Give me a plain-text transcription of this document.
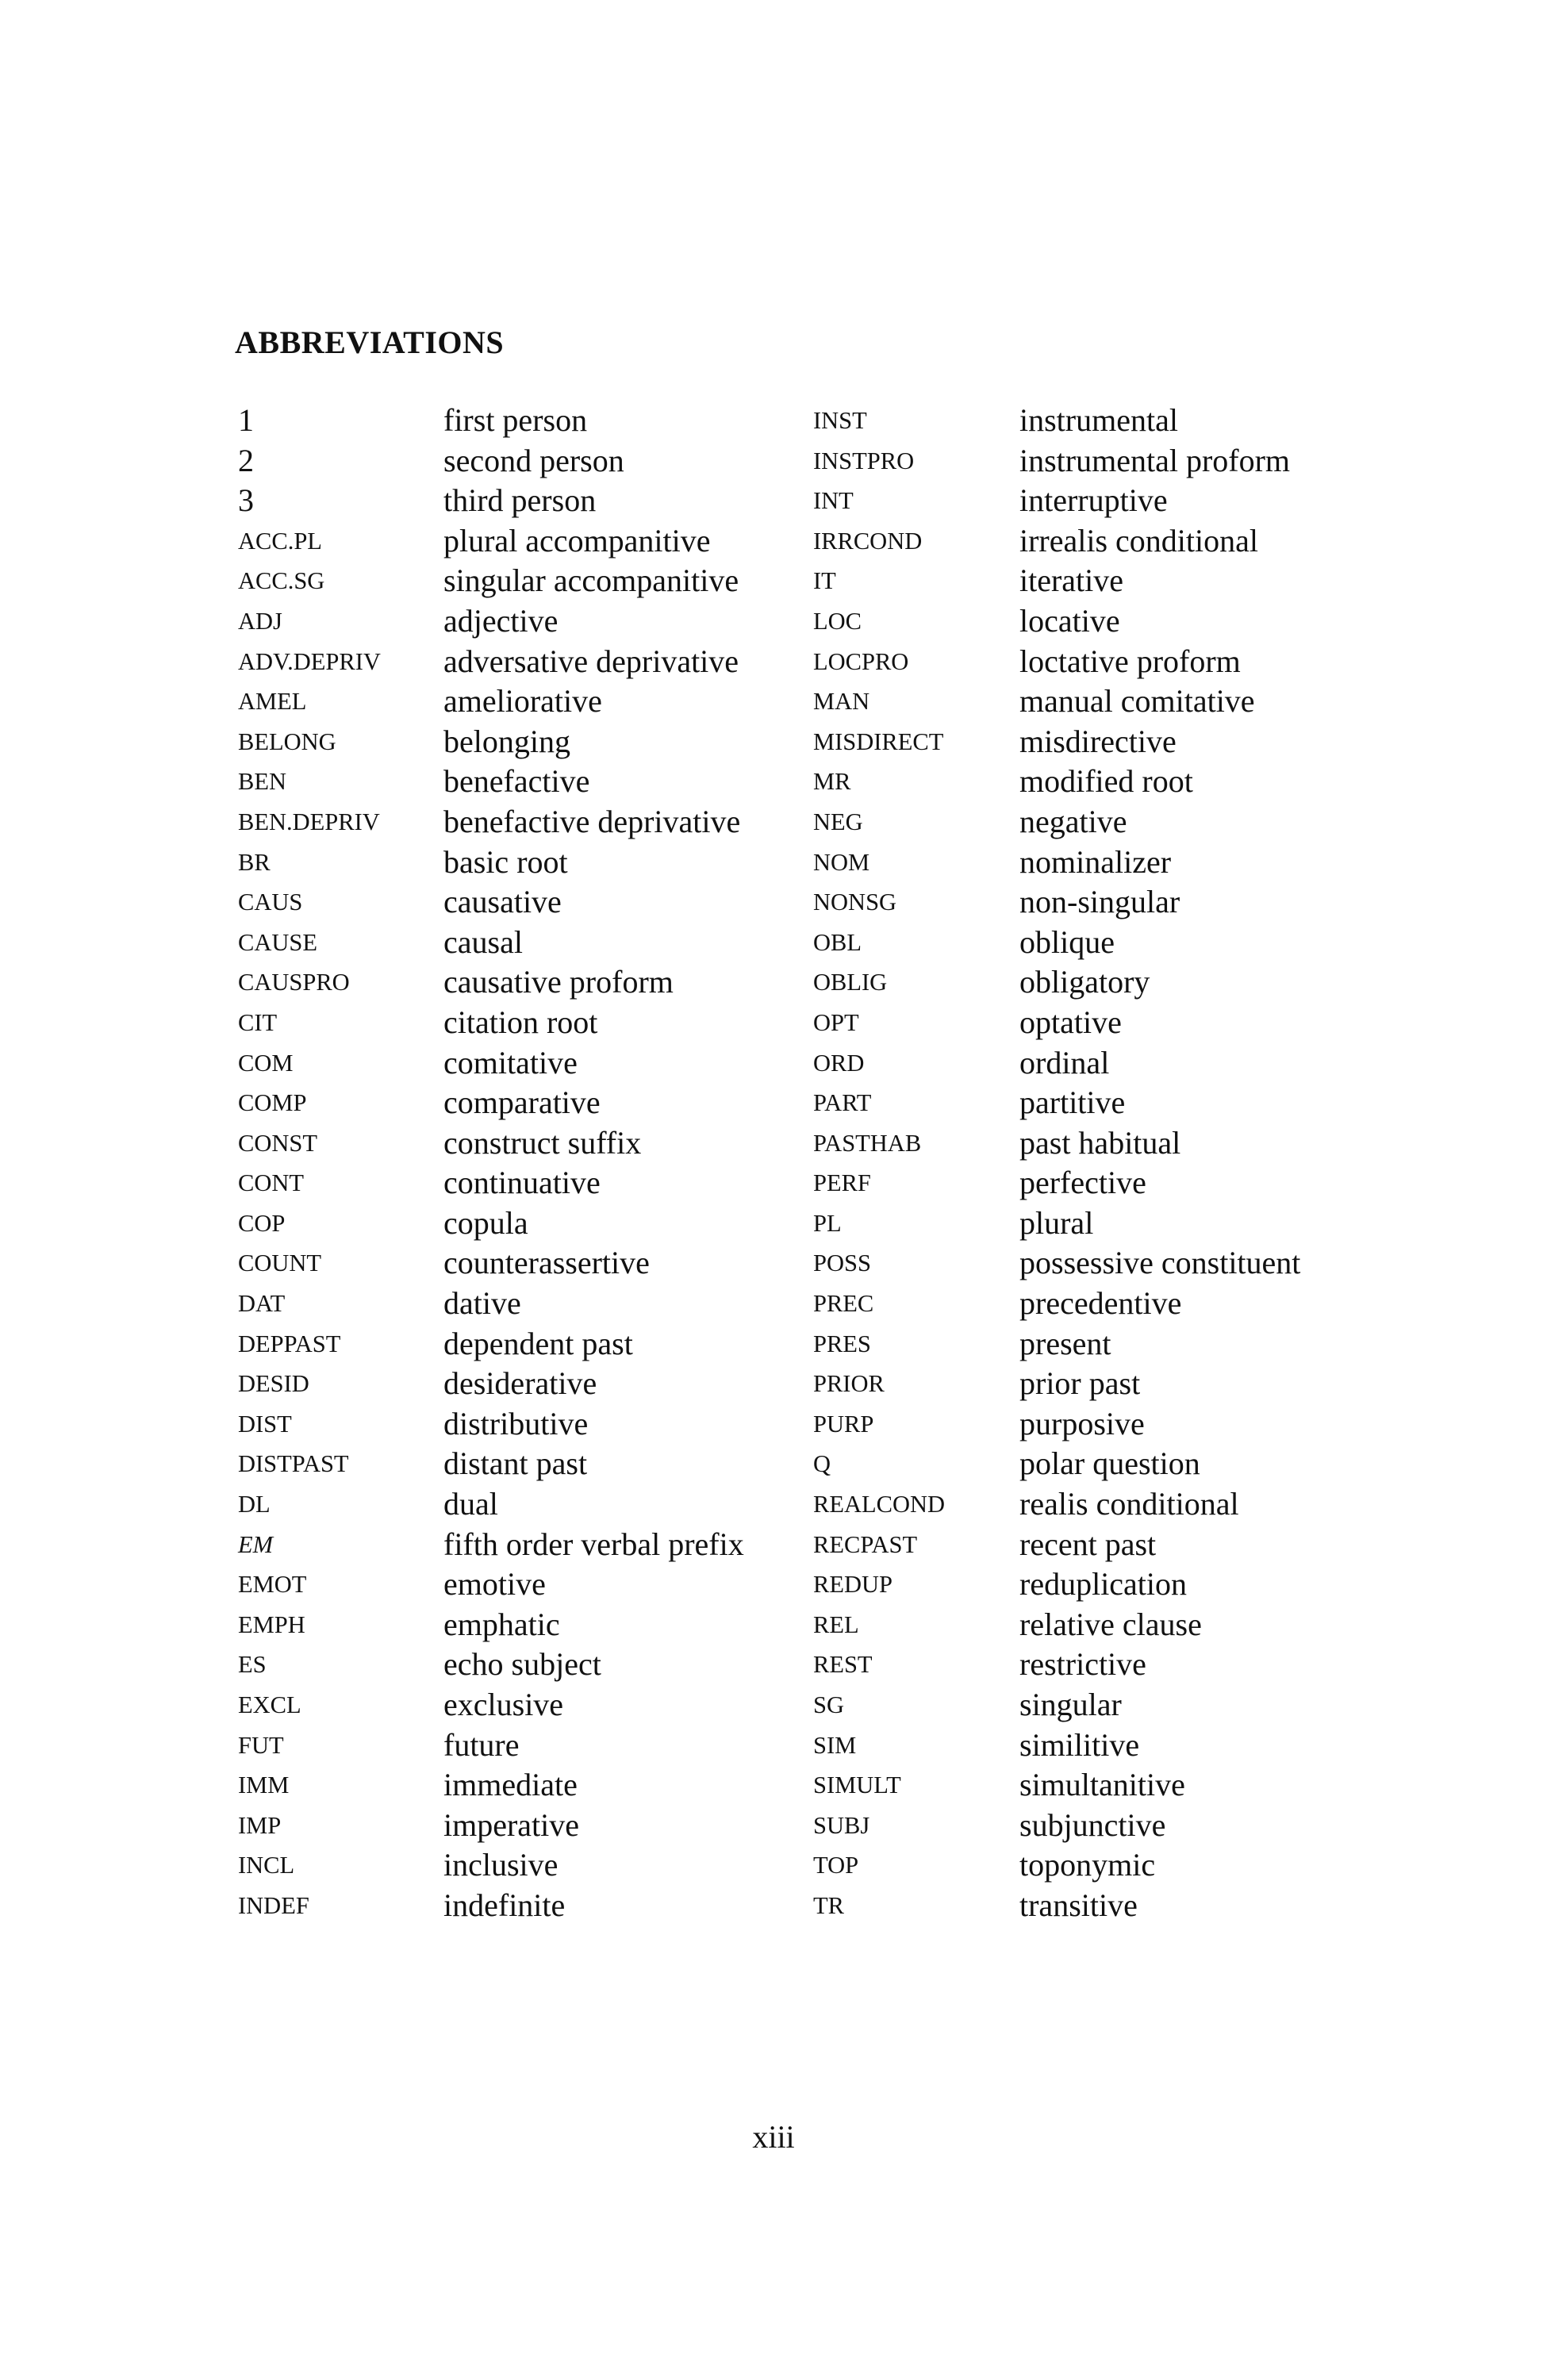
ABBREVIATIONS
1
2
3
ACC.PL
ACC.SG
ADJ
ADV.DEPRIV
AMEL
BELONG
BEN
BEN.DEPRIV
BR
CAUS
CAUSE
CAUSPRO
CIT
COM
COMP
CONST
CONT
COP
COUNT
DAT
DEPPAST
DESID
DIST
DISTPAST
DL
EM
EMOT
EMPH
ES
EXCL
FUT
IMM
IMP
INCL
INDEF
first person
second person
third person
plural accompanitive
singular accompanitive
adjective
adversative deprivative
ameliorative
belonging
benefactive
benefactive deprivative
basic root
causative
causal
causative proform
citation root
comitative
comparative
construct suffix
continuative
copula
counterassertive
dative
dependent past
desiderative
distributive
distant past
dual
fifth order verbal prefix
emotive
emphatic
echo subject
exclusive
future
immediate
imperative
inclusive
indefinite
INST
INSTPRO
INT
IRRCOND
IT
LOC
LOCPRO
MAN
MISDIRECT
MR
NEG
NOM
NONSG
OBL
OBLIG
OPT
ORD
PART
PASTHAB
PERF
PL
POSS
PREC
PRES
PRIOR
PURP
Q
REALCOND
RECPAST
REDUP
REL
REST
SG
SIM
SIMULT
SUBJ
TOP
TR
instrumental
instrumental proform
interruptive
irrealis conditional
iterative
locative
loctative proform
manual comitative
misdirective
modified root
negative
nominalizer
non-singular
oblique
obligatory
optative
ordinal
partitive
past habitual
perfective
plural
possessive constituent
precedentive
present
prior past
purposive
polar question
realis conditional
recent past
reduplication
relative clause
restrictive
singular
similitive
simultanitive
subjunctive
toponymic
transitive
xiii
